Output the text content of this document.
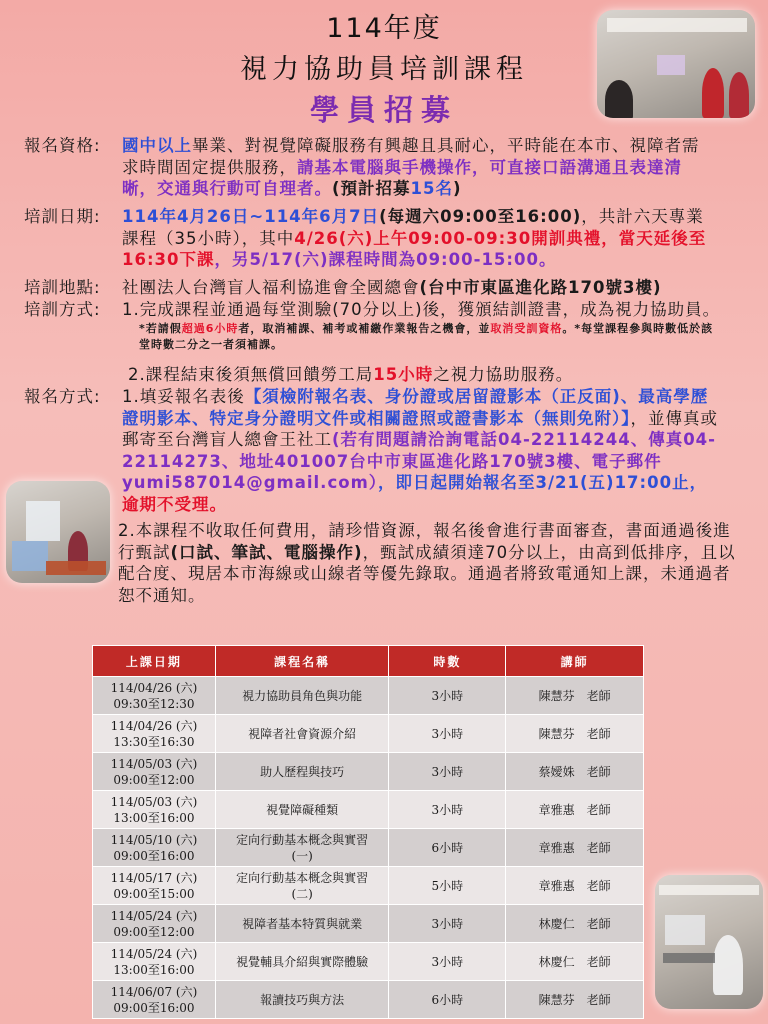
114年度
視力協助員培訓課程
學員招募
報名資格:	國中以上畢業、對視覺障礙服務有興趣且具耐心，平時能在本市、視障者需求時間固定提供服務，請基本電腦與手機操作，可直接口語溝通且表達清晰，交通與行動可自理者。(預計招募15名)
培訓日期:	114年4月26日~114年6月7日(每週六09:00至16:00)，共計六天專業課程（35小時），其中4/26(六)上午09:00-09:30開訓典禮，當天延後至16:30下課，另5/17(六)課程時間為09:00-15:00。
培訓地點:	社團法人台灣盲人福利協進會全國總會(台中市東區進化路170號3樓)
培訓方式:	1.完成課程並通過每堂測驗(70分以上)後，獲頒結訓證書，成為視力協助員。
*若請假超過6小時者，取消補課、補考或補繳作業報告之機會，並取消受訓資格。*每堂課程參與時數低於該堂時數二分之一者須補課。
2.課程結束後須無償回饋勞工局15小時之視力協助服務。
報名方式:	1.填妥報名表後【須檢附報名表、身份證或居留證影本（正反面)、最高學歷證明影本、特定身分證明文件或相關證照或證書影本（無則免附）】，並傳真或郵寄至台灣盲人總會王社工(若有問題請洽詢電話04-22114244、傳真04-22114273、地址401007台中市東區進化路170號3樓、電子郵件yumi587014@gmail.com），即日起開始報名至3/21(五)17:00止，逾期不受理。
2.本課程不收取任何費用，請珍惜資源，報名後會進行書面審查，書面通過後進行甄試(口試、筆試、電腦操作)，甄試成績須達70分以上，由高到低排序，且以配合度、現居本市海線或山線者等優先錄取。通過者將致電通知上課，未通過者恕不通知。
上課日期	課程名稱	時數	講師
114/04/26 (六)
09:30至12:30	視力協助員角色與功能	3小時	陳慧芬　老師
114/04/26 (六)
13:30至16:30	視障者社會資源介紹	3小時	陳慧芬　老師
114/05/03 (六)
09:00至12:00	助人歷程與技巧	3小時	蔡嬡姝　老師
114/05/03 (六)
13:00至16:00	視覺障礙種類	3小時	章雅惠　老師
114/05/10 (六)
09:00至16:00	定向行動基本概念與實習
(一)	6小時	章雅惠　老師
114/05/17 (六)
09:00至15:00	定向行動基本概念與實習
(二)	5小時	章雅惠　老師
114/05/24 (六)
09:00至12:00	視障者基本特質與就業	3小時	林慶仁　老師
114/05/24 (六)
13:00至16:00	視覺輔具介紹與實際體驗	3小時	林慶仁　老師
114/06/07 (六)
09:00至16:00	報讀技巧與方法	6小時	陳慧芬　老師
